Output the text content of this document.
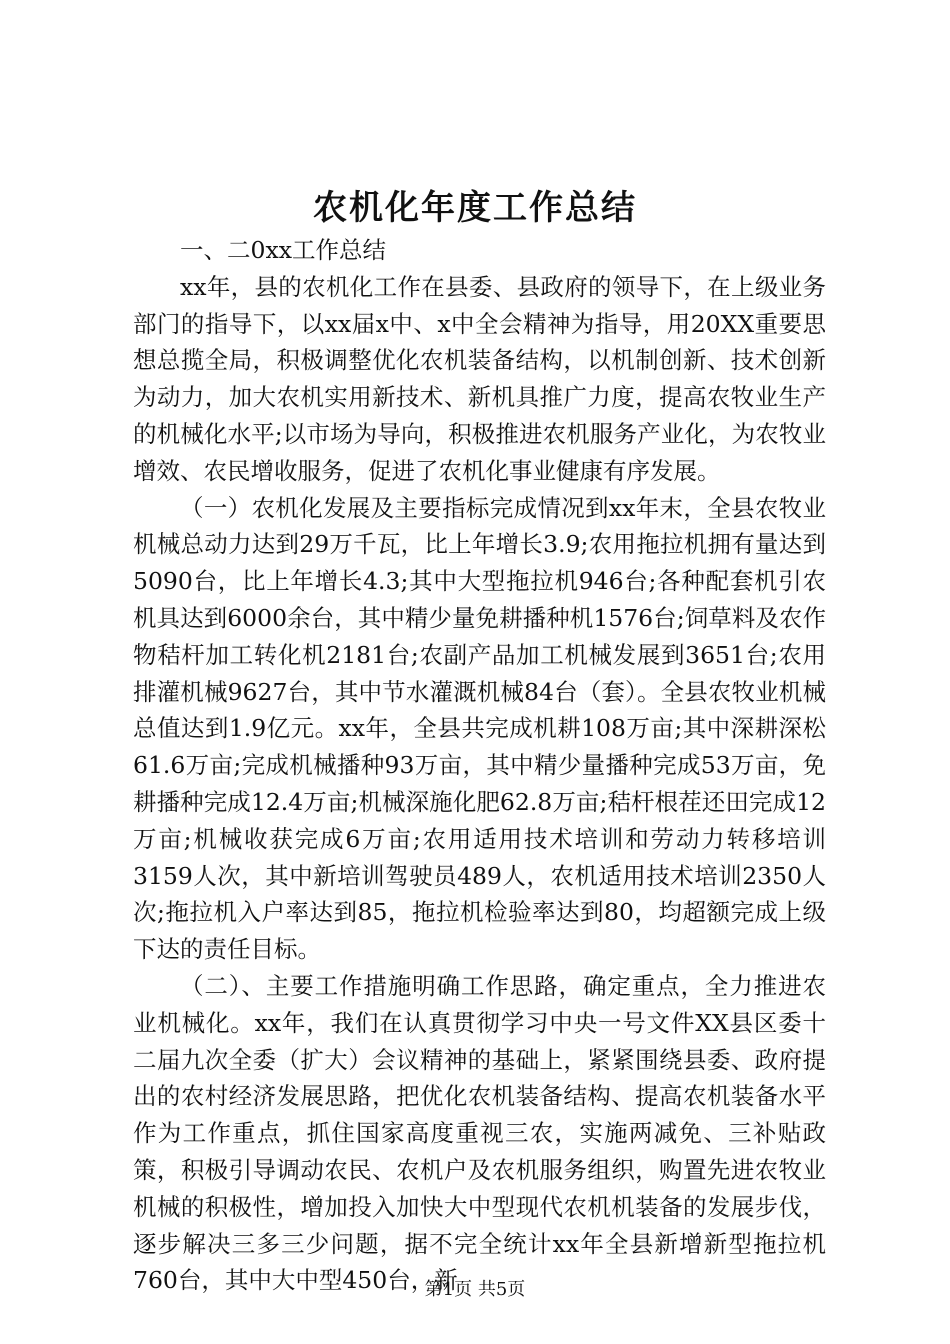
农机化年度工作总结

一、二0xx工作总结

xx年，县的农机化工作在县委、县政府的领导下，在上级业务部门的指导下，以xx届x中、x中全会精神为指导，用20XX重要思想总揽全局，积极调整优化农机装备结构，以机制创新、技术创新为动力，加大农机实用新技术、新机具推广力度，提高农牧业生产的机械化水平;以市场为导向，积极推进农机服务产业化，为农牧业增效、农民增收服务，促进了农机化事业健康有序发展。

（一）农机化发展及主要指标完成情况到xx年末，全县农牧业机械总动力达到29万千瓦，比上年增长3.9;农用拖拉机拥有量达到5090台，比上年增长4.3;其中大型拖拉机946台;各种配套机引农机具达到6000余台，其中精少量免耕播种机1576台;饲草料及农作物秸杆加工转化机2181台;农副产品加工机械发展到3651台;农用排灌机械9627台，其中节水灌溉机械84台（套）。全县农牧业机械总值达到1.9亿元。xx年，全县共完成机耕108万亩;其中深耕深松61.6万亩;完成机械播种93万亩，其中精少量播种完成53万亩，免耕播种完成12.4万亩;机械深施化肥62.8万亩;秸杆根茬还田完成12万亩;机械收获完成6万亩;农用适用技术培训和劳动力转移培训3159人次，其中新培训驾驶员489人，农机适用技术培训2350人次;拖拉机入户率达到85，拖拉机检验率达到80，均超额完成上级下达的责任目标。

（二）、主要工作措施明确工作思路，确定重点，全力推进农业机械化。xx年，我们在认真贯彻学习中央一号文件XX县区委十二届九次全委（扩大）会议精神的基础上，紧紧围绕县委、政府提出的农村经济发展思路，把优化农机装备结构、提高农机装备水平作为工作重点，抓住国家高度重视三农，实施两减免、三补贴政策，积极引导调动农民、农机户及农机服务组织，购置先进农牧业机械的积极性，增加投入加快大中型现代农机机装备的发展步伐，逐步解决三多三少问题，据不完全统计xx年全县新增新型拖拉机760台，其中大中型450台，新

第1页 共5页
